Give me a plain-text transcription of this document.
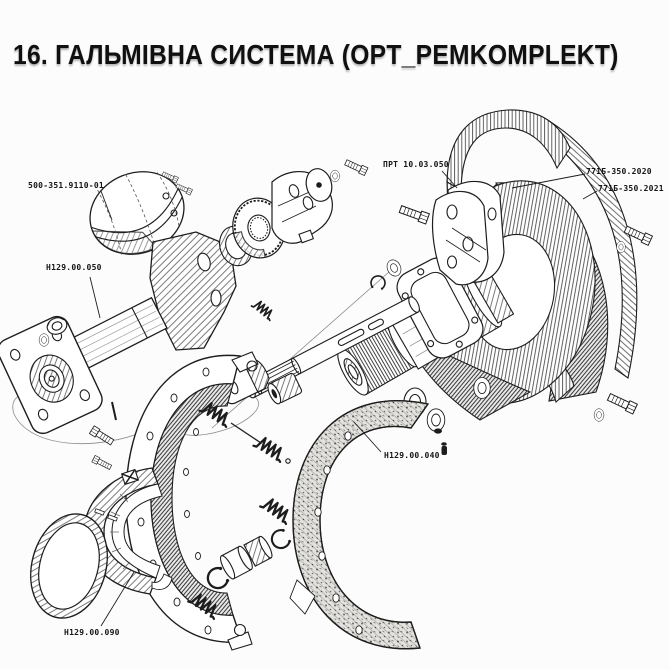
16. ГАЛЬМІВНА СИСТЕМА (OPT_PEMKOMPLEKT)
500-351.9110-01
Н129.00.050
ПРТ 10.03.050
771Б-350.2020
771Б-350.2021
Н129.00.040
Н129.00.090
